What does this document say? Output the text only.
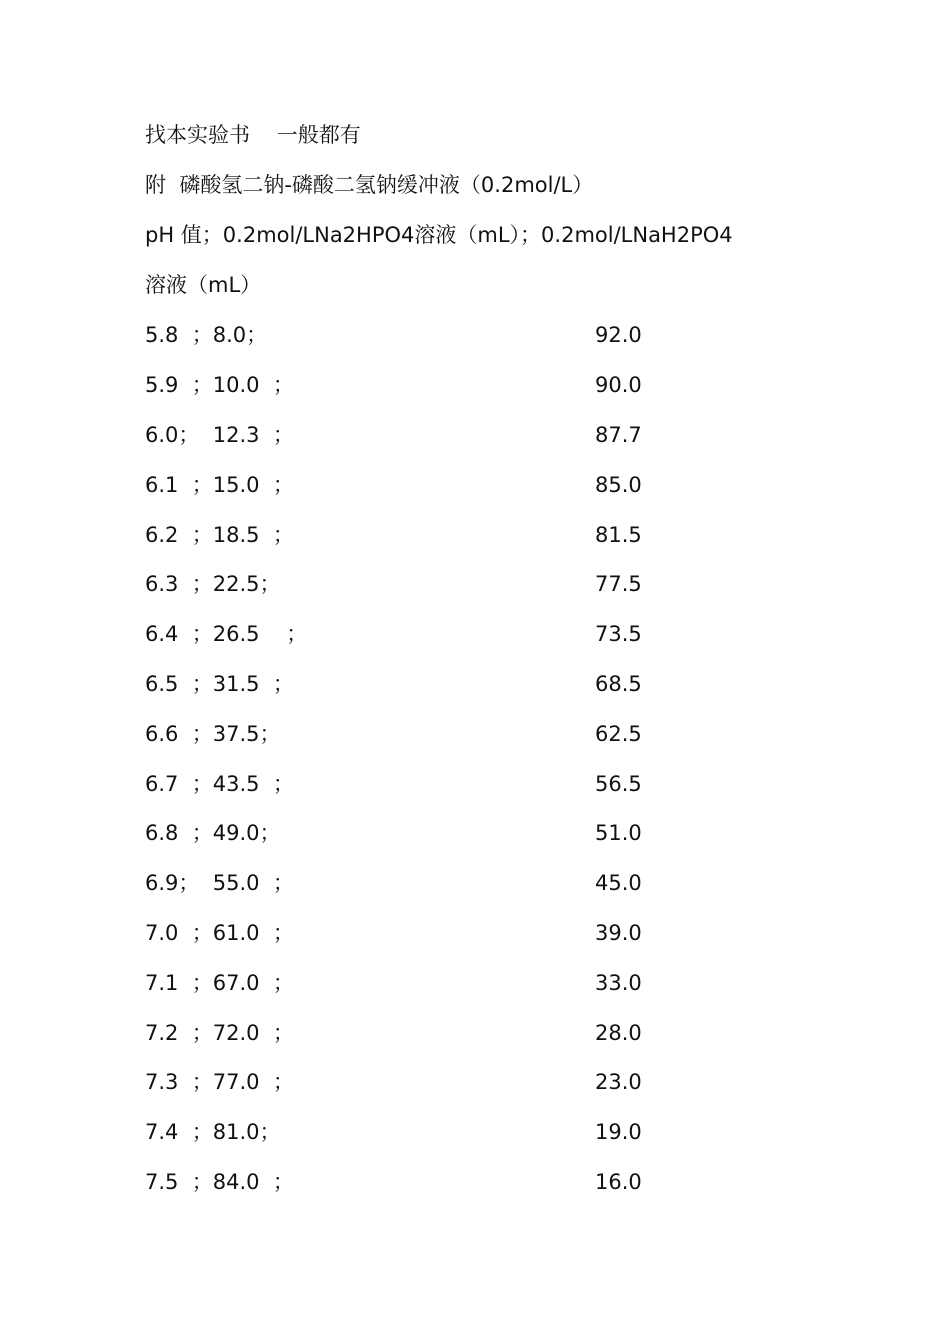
找本实验书    一般都有
附  磷酸氢二钠-磷酸二氢钠缓冲液（0.2mol/L）
pH 值；0.2mol/LNa2HPO4溶液（mL）；0.2mol/LNaH2PO4
溶液（mL）
5.8  ；8.0；	92.0
5.9  ；10.0  ；	90.0
6.0；  12.3  ；	87.7
6.1  ；15.0  ；	85.0
6.2  ；18.5  ；	81.5
6.3  ；22.5；	77.5
6.4  ；26.5    ；	73.5
6.5  ；31.5  ；	68.5
6.6  ；37.5；	62.5
6.7  ；43.5  ；	56.5
6.8  ；49.0；	51.0
6.9；  55.0  ；	45.0
7.0  ；61.0  ；	39.0
7.1  ；67.0  ；	33.0
7.2  ；72.0  ；	28.0
7.3  ；77.0  ；	23.0
7.4  ；81.0；	19.0
7.5  ；84.0  ；	16.0
